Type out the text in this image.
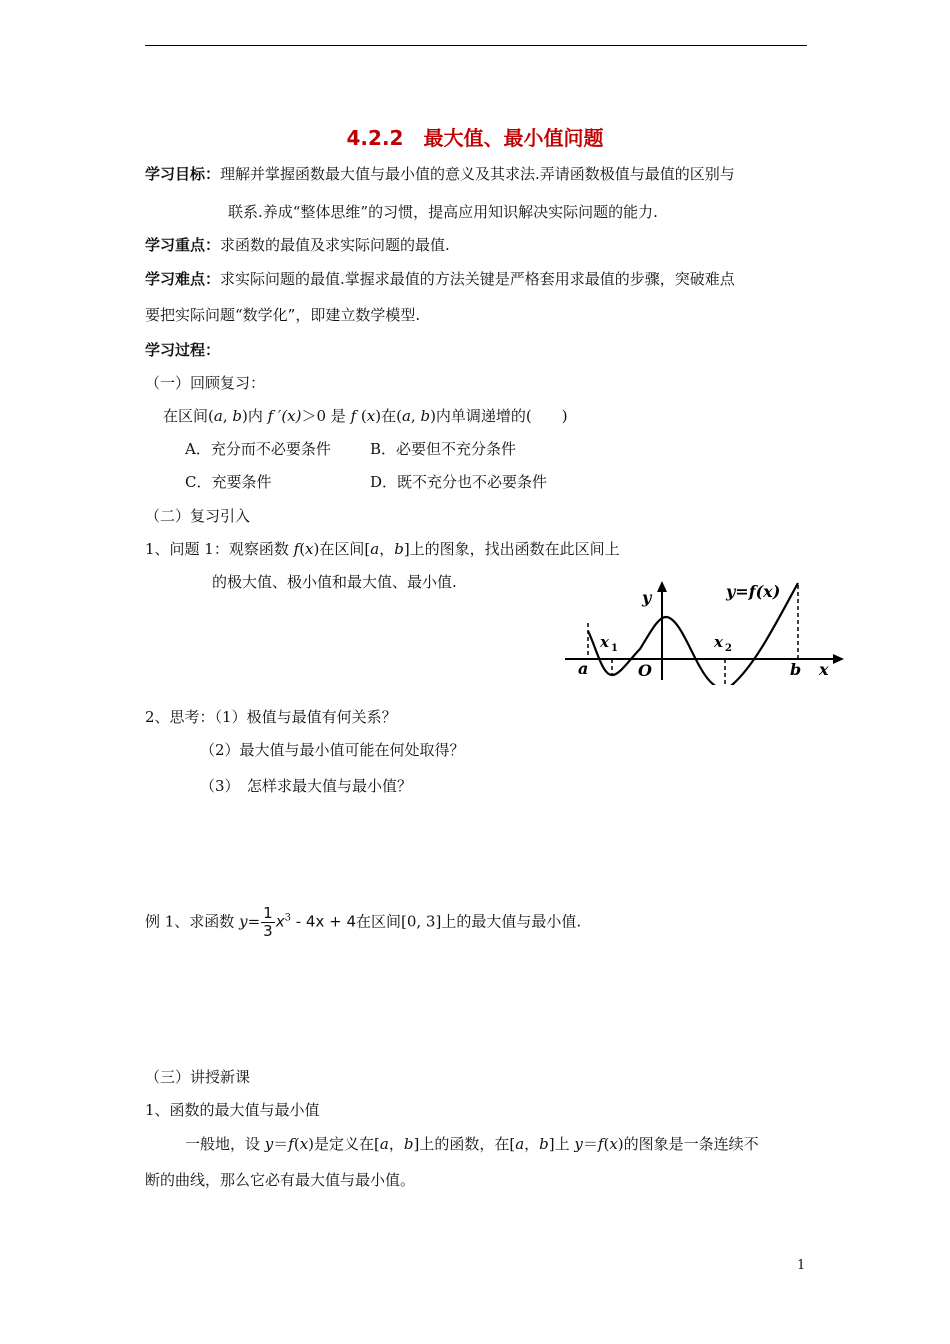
4.2.2　最大值、最小值问题
学习目标：理解并掌握函数最大值与最小值的意义及其求法.弄请函数极值与最值的区别与
联系.养成“整体思维”的习惯，提高应用知识解决实际问题的能力.
学习重点：求函数的最值及求实际问题的最值.
学习难点：求实际问题的最值.掌握求最值的方法关键是严格套用求最值的步骤，突破难点
要把实际问题“数学化”，即建立数学模型.
学习过程：
（一）回顾复习：
在区间(a, b)内 f ′(x)＞0 是 f (x)在(a, b)内单调递增的(　　)
A．充分而不必要条件	B．必要但不充分条件
C．充要条件	D．既不充分也不必要条件
（二）复习引入
1、问题 1：观察函数 f(x)在区间[a，b]上的图象，找出函数在此区间上
的极大值、极小值和最大值、最小值.
y	y=f(x)
x 1	x 2
a	O	b x
2、思考：（1）极值与最值有何关系？
（2）最大值与最小值可能在何处取得？
（3）　怎样求最大值与最小值？
例 1、求函数 $y= \frac{1}{3} x^3 - 4x + 4$在区间[0, 3]上的最大值与最小值.
（三）讲授新课
1、函数的最大值与最小值
一般地，设 y＝f(x)是定义在[a，b]上的函数，在[a，b]上 y＝f(x)的图象是一条连续不
断的曲线，那么它必有最大值与最小值。
1
